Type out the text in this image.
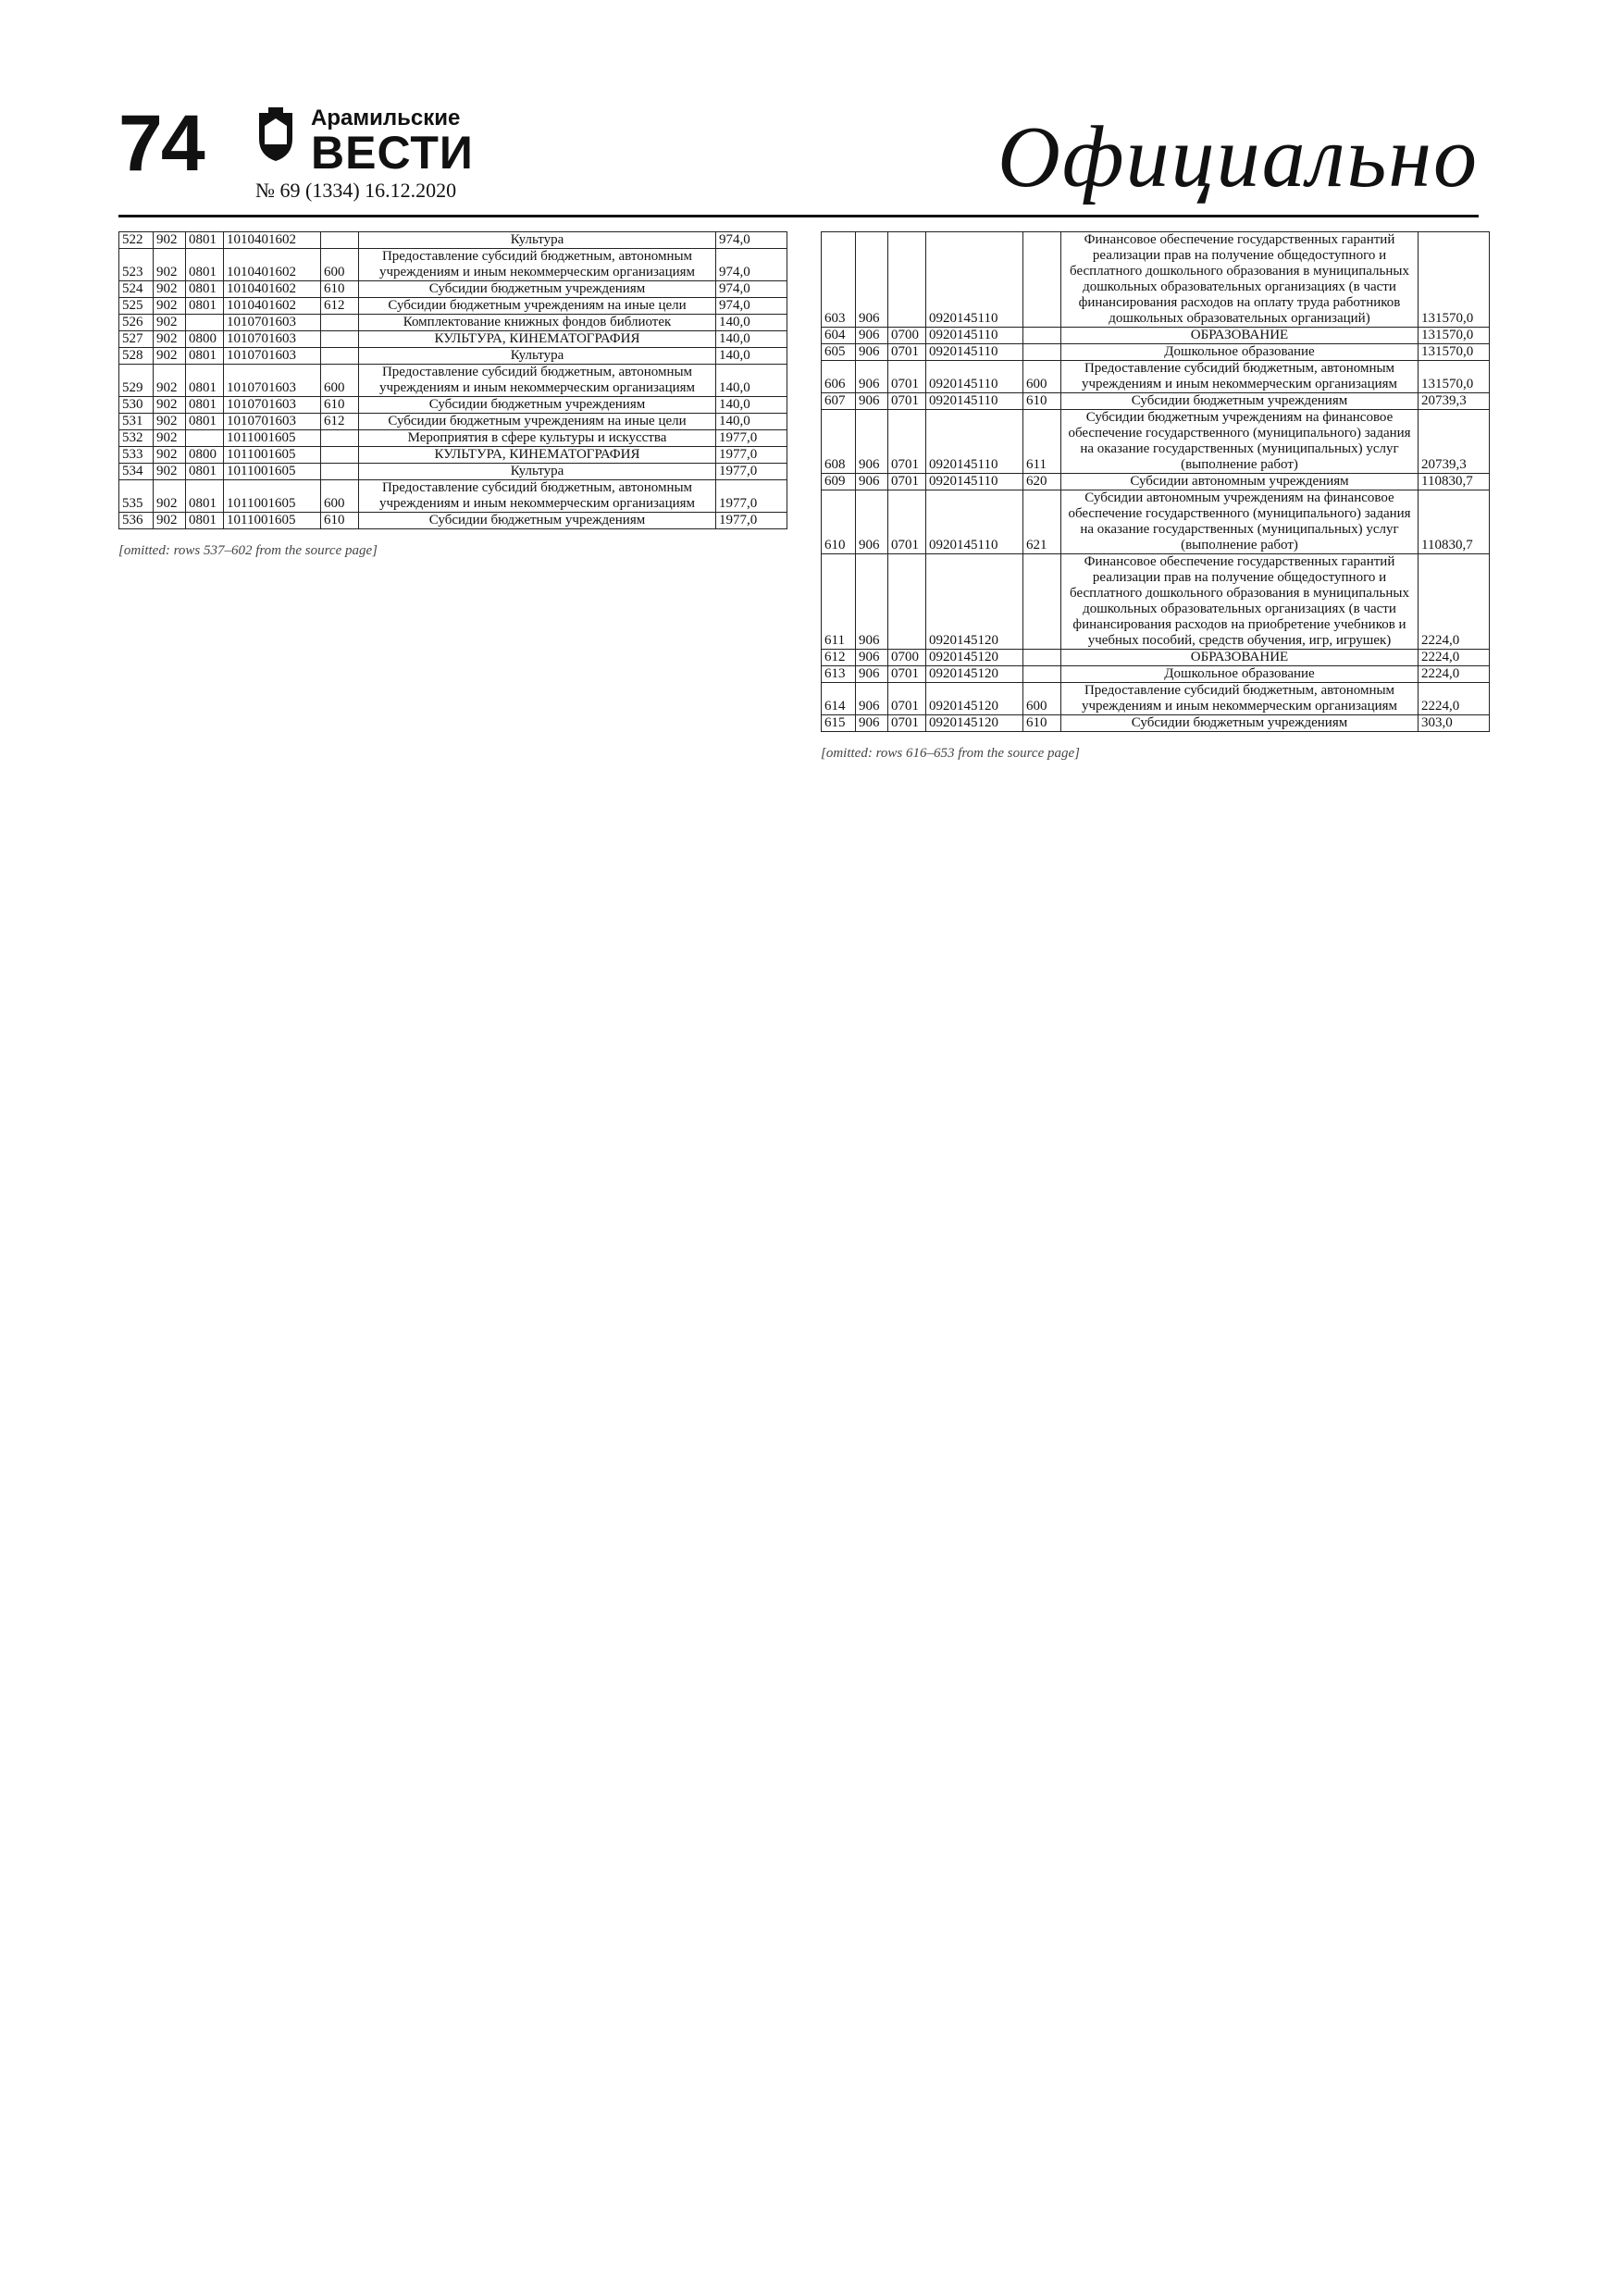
74	Арамильские
ВЕСТИ
№ 69 (1334) 16.12.2020	Официально
522	902	0801	1010401602		Культура	974,0
523	902	0801	1010401602	600	Предоставление субсидий бюджетным, автономным учреждениям и иным некоммерческим организациям	974,0
524	902	0801	1010401602	610	Субсидии бюджетным учреждениям	974,0
525	902	0801	1010401602	612	Субсидии бюджетным учреждениям на иные цели	974,0
526	902		1010701603		Комплектование книжных фондов библиотек	140,0
527	902	0800	1010701603		КУЛЬТУРА, КИНЕМАТОГРАФИЯ	140,0
528	902	0801	1010701603		Культура	140,0
529	902	0801	1010701603	600	Предоставление субсидий бюджетным, автономным учреждениям и иным некоммерческим организациям	140,0
530	902	0801	1010701603	610	Субсидии бюджетным учреждениям	140,0
531	902	0801	1010701603	612	Субсидии бюджетным учреждениям на иные цели	140,0
532	902		1011001605		Мероприятия в сфере культуры и искусства	1977,0
533	902	0800	1011001605		КУЛЬТУРА, КИНЕМАТОГРАФИЯ	1977,0
534	902	0801	1011001605		Культура	1977,0
535	902	0801	1011001605	600	Предоставление субсидий бюджетным, автономным учреждениям и иным некоммерческим организациям	1977,0
536	902	0801	1011001605	610	Субсидии бюджетным учреждениям	1977,0
[omitted: rows 537–602 from the source page]
603	906		0920145110		Финансовое обеспечение государственных гарантий реализации прав на получение общедоступного и бесплатного дошкольного образования в муниципальных дошкольных образовательных организациях (в части финансирования расходов на оплату труда работников дошкольных образовательных организаций)	131570,0
604	906	0700	0920145110		ОБРАЗОВАНИЕ	131570,0
605	906	0701	0920145110		Дошкольное образование	131570,0
606	906	0701	0920145110	600	Предоставление субсидий бюджетным, автономным учреждениям и иным некоммерческим организациям	131570,0
607	906	0701	0920145110	610	Субсидии бюджетным учреждениям	20739,3
608	906	0701	0920145110	611	Субсидии бюджетным учреждениям на финансовое обеспечение государственного (муниципального) задания на оказание государственных (муниципальных) услуг (выполнение работ)	20739,3
609	906	0701	0920145110	620	Субсидии автономным учреждениям	110830,7
610	906	0701	0920145110	621	Субсидии автономным учреждениям на финансовое обеспечение государственного (муниципального) задания на оказание государственных (муниципальных) услуг (выполнение работ)	110830,7
611	906		0920145120		Финансовое обеспечение государственных гарантий реализации прав на получение общедоступного и бесплатного дошкольного образования в муниципальных дошкольных образовательных организациях (в части финансирования расходов на приобретение учебников и учебных пособий, средств обучения, игр, игрушек)	2224,0
612	906	0700	0920145120		ОБРАЗОВАНИЕ	2224,0
613	906	0701	0920145120		Дошкольное образование	2224,0
614	906	0701	0920145120	600	Предоставление субсидий бюджетным, автономным учреждениям и иным некоммерческим организациям	2224,0
615	906	0701	0920145120	610	Субсидии бюджетным учреждениям	303,0
[omitted: rows 616–653 from the source page]
